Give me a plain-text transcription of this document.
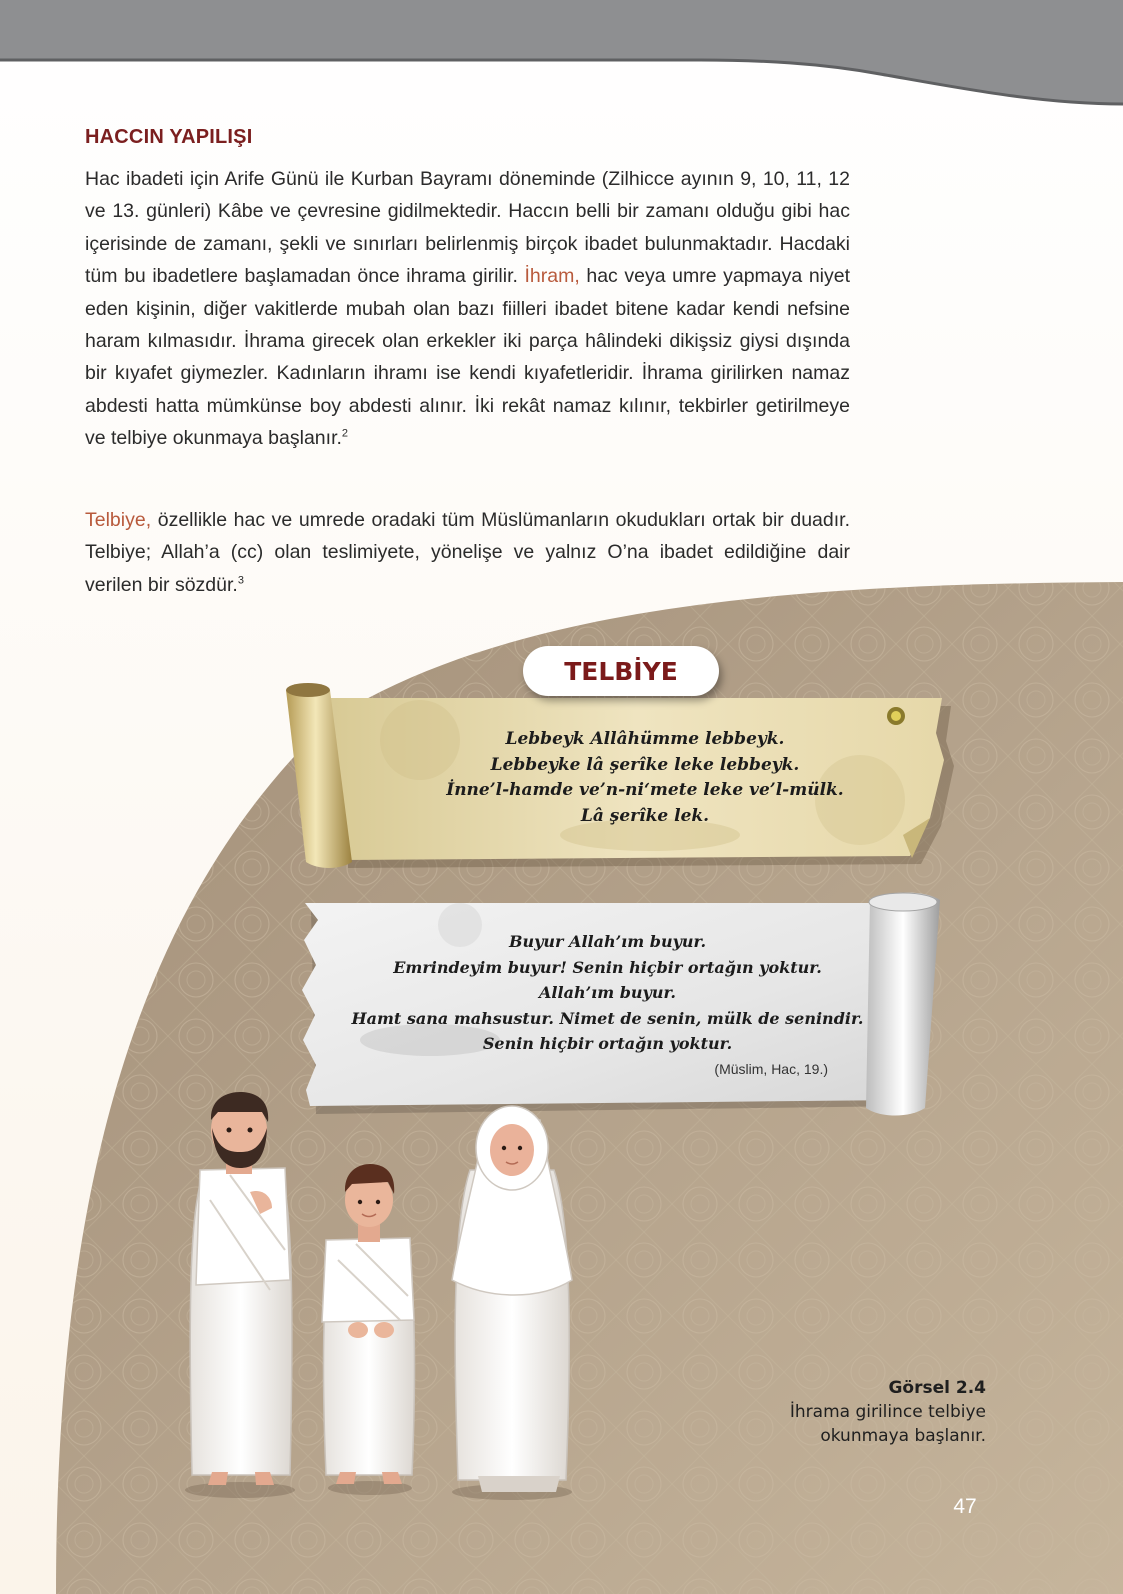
HACCIN YAPILIŞI

Hac ibadeti için Arife Günü ile Kurban Bayramı döneminde (Zilhicce ayının 9, 10, 11, 12 ve 13. günleri) Kâbe ve çevresine gidilmektedir. Haccın belli bir zamanı olduğu gibi hac içerisinde de zamanı, şekli ve sınırları belirlenmiş birçok ibadet bulunmaktadır. Hacdaki tüm bu ibadetlere başlamadan önce ihrama girilir. İhram, hac veya umre yapmaya niyet eden kişinin, diğer vakitlerde mubah olan bazı fiilleri ibadet bitene kadar kendi nefsine haram kılmasıdır. İhrama girecek olan erkekler iki parça hâlindeki dikişsiz giysi dışında bir kıyafet giymezler. Kadınların ihramı ise kendi kıyafetleridir. İhrama girilirken namaz abdesti hatta mümkünse boy abdesti alınır. İki rekât namaz kılınır, tekbirler getirilmeye ve telbiye okunmaya başlanır.$^2$

Telbiye, özellikle hac ve umrede oradaki tüm Müslümanların okudukları ortak bir duadır. Telbiye; Allah’a (cc) olan teslimiyete, yönelişe ve yalnız O’na ibadet edildiğine dair verilen bir sözdür.$^3$

TELBİYE
Lebbeyk Allâhümme lebbeyk.
Lebbeyke lâ şerîke leke lebbeyk.
İnne’l-hamde ve’n-ni‘mete leke ve’l-mülk.
Lâ şerîke lek.
Buyur Allah’ım buyur.
Emrindeyim buyur! Senin hiçbir ortağın yoktur.
Allah’ım buyur.
Hamt sana mahsustur. Nimet de senin, mülk de senindir.
Senin hiçbir ortağın yoktur.
(Müslim, Hac, 19.)
Görsel 2.4
İhrama girilince telbiye
okunmaya başlanır.
47
